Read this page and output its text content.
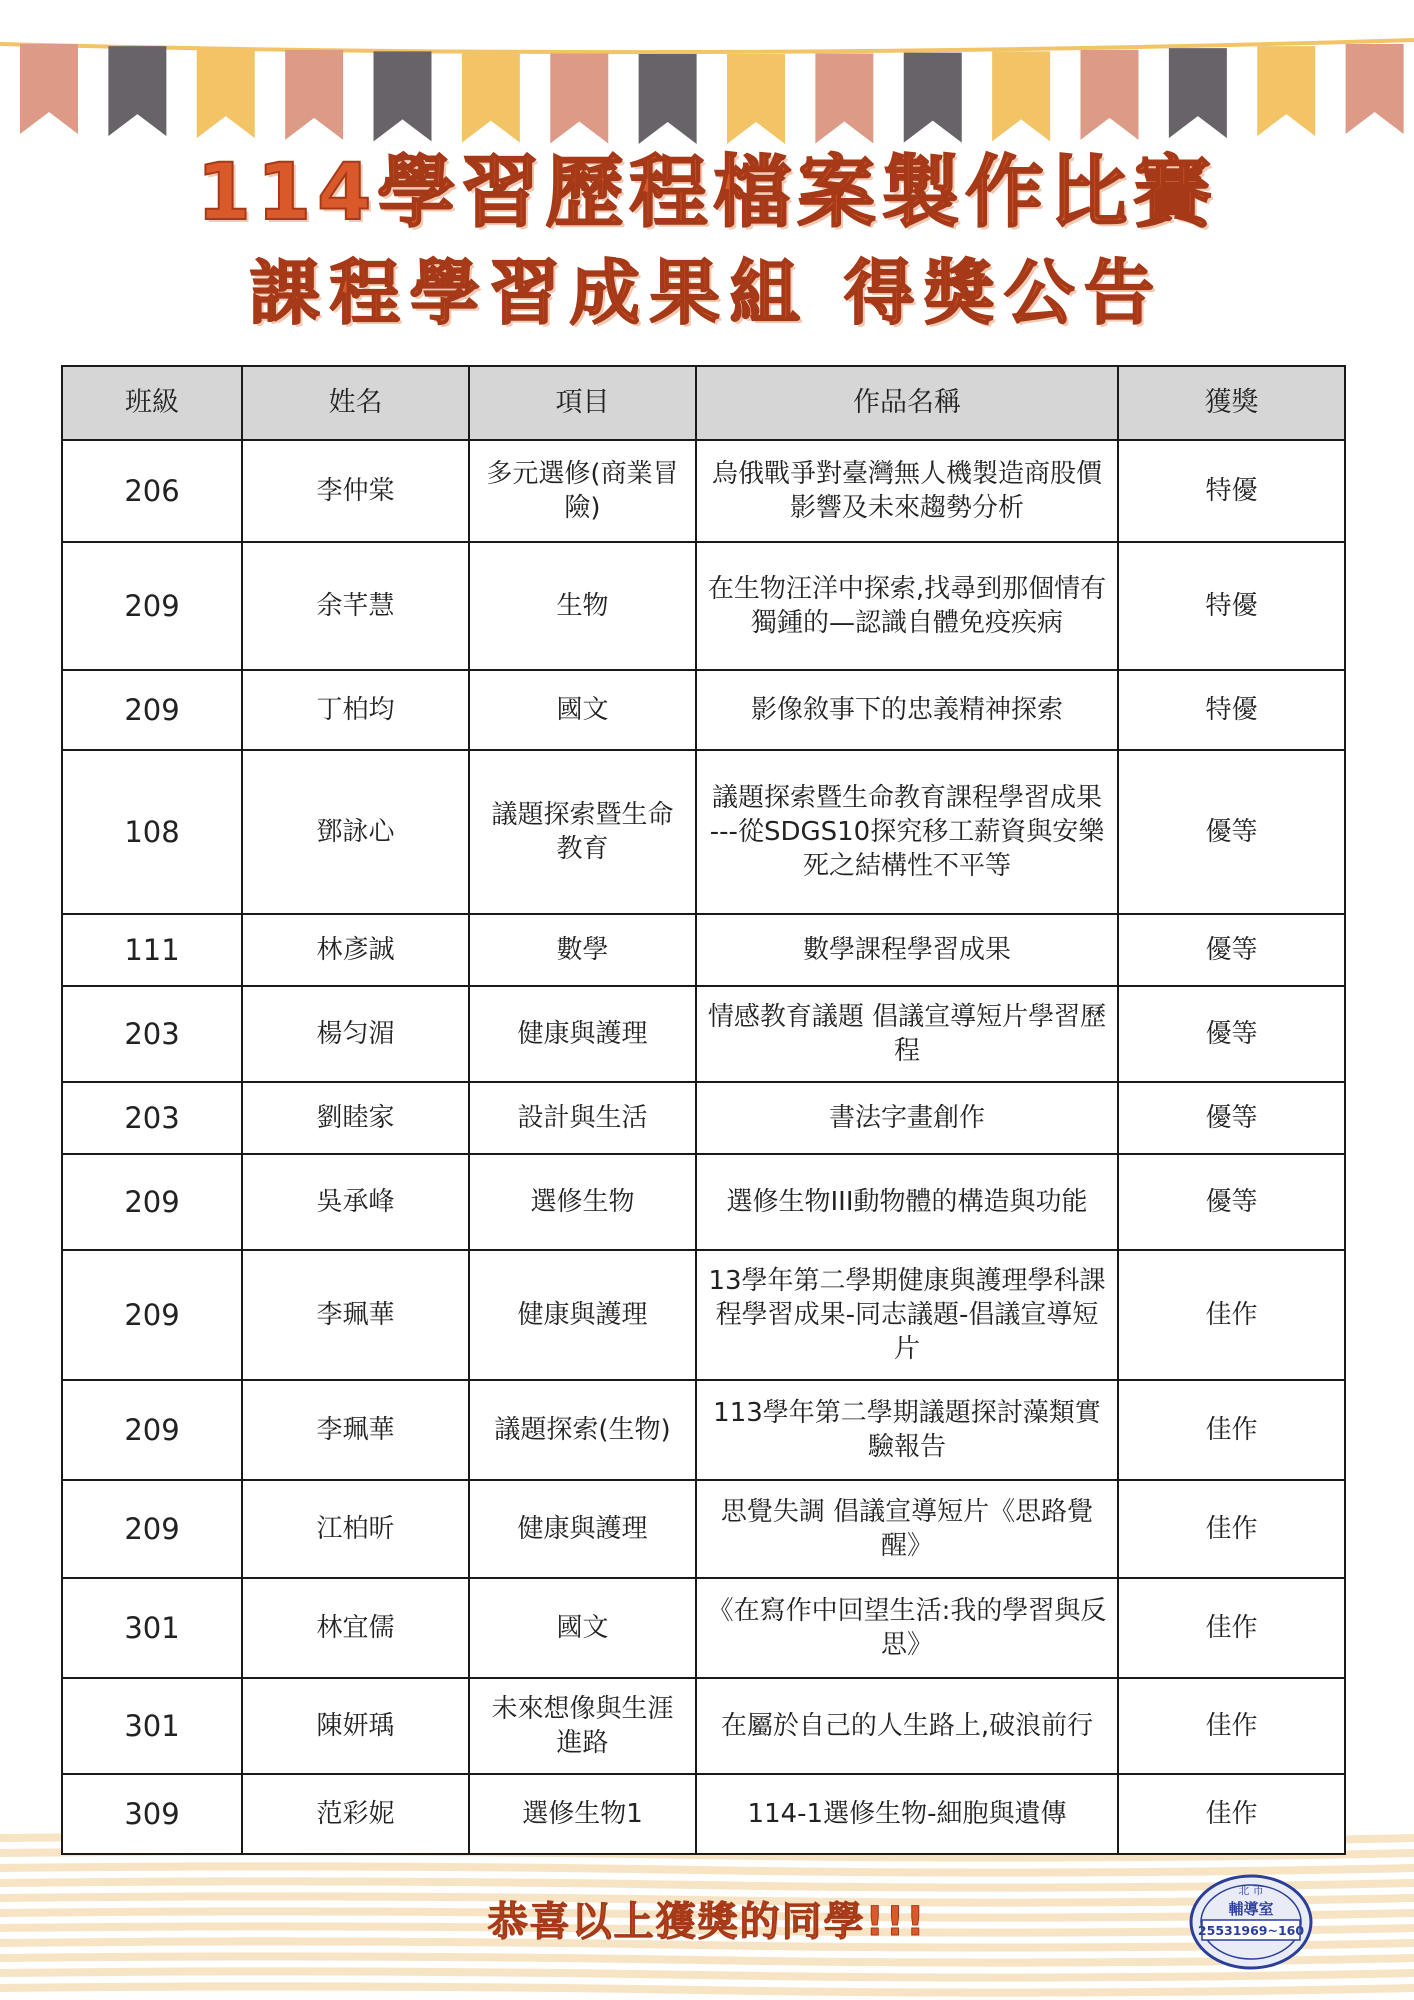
114學習歷程檔案製作比賽
課程學習成果組 得獎公告
班級	姓名	項目	作品名稱	獲獎
206	李仲棠	多元選修(商業冒險)	烏俄戰爭對臺灣無人機製造商股價影響及未來趨勢分析	特優
209	余芊慧	生物	在生物汪洋中探索,找尋到那個情有獨鍾的—認識自體免疫疾病	特優
209	丁柏均	國文	影像敘事下的忠義精神探索	特優
108	鄧詠心	議題探索暨生命教育	議題探索暨生命教育課程學習成果 ---從SDGS10探究移工薪資與安樂死之結構性不平等	優等
111	林彥誠	數學	數學課程學習成果	優等
203	楊匀湄	健康與護理	情感教育議題 倡議宣導短片學習歷程	優等
203	劉睦家	設計與生活	書法字畫創作	優等
209	吳承峰	選修生物	選修生物III動物體的構造與功能	優等
209	李珮華	健康與護理	13學年第二學期健康與護理學科課程學習成果-同志議題-倡議宣導短片	佳作
209	李珮華	議題探索(生物)	113學年第二學期議題探討藻類實驗報告	佳作
209	江柏昕	健康與護理	思覺失調 倡議宣導短片《思路覺醒》	佳作
301	林宜儒	國文	《在寫作中回望生活:我的學習與反思》	佳作
301	陳妍瑀	未來想像與生涯進路	在屬於自己的人生路上,破浪前行	佳作
309	范彩妮	選修生物1	114-1選修生物-細胞與遺傳	佳作
恭喜以上獲獎的同學!!!
北 市
輔導室
25531969~160
